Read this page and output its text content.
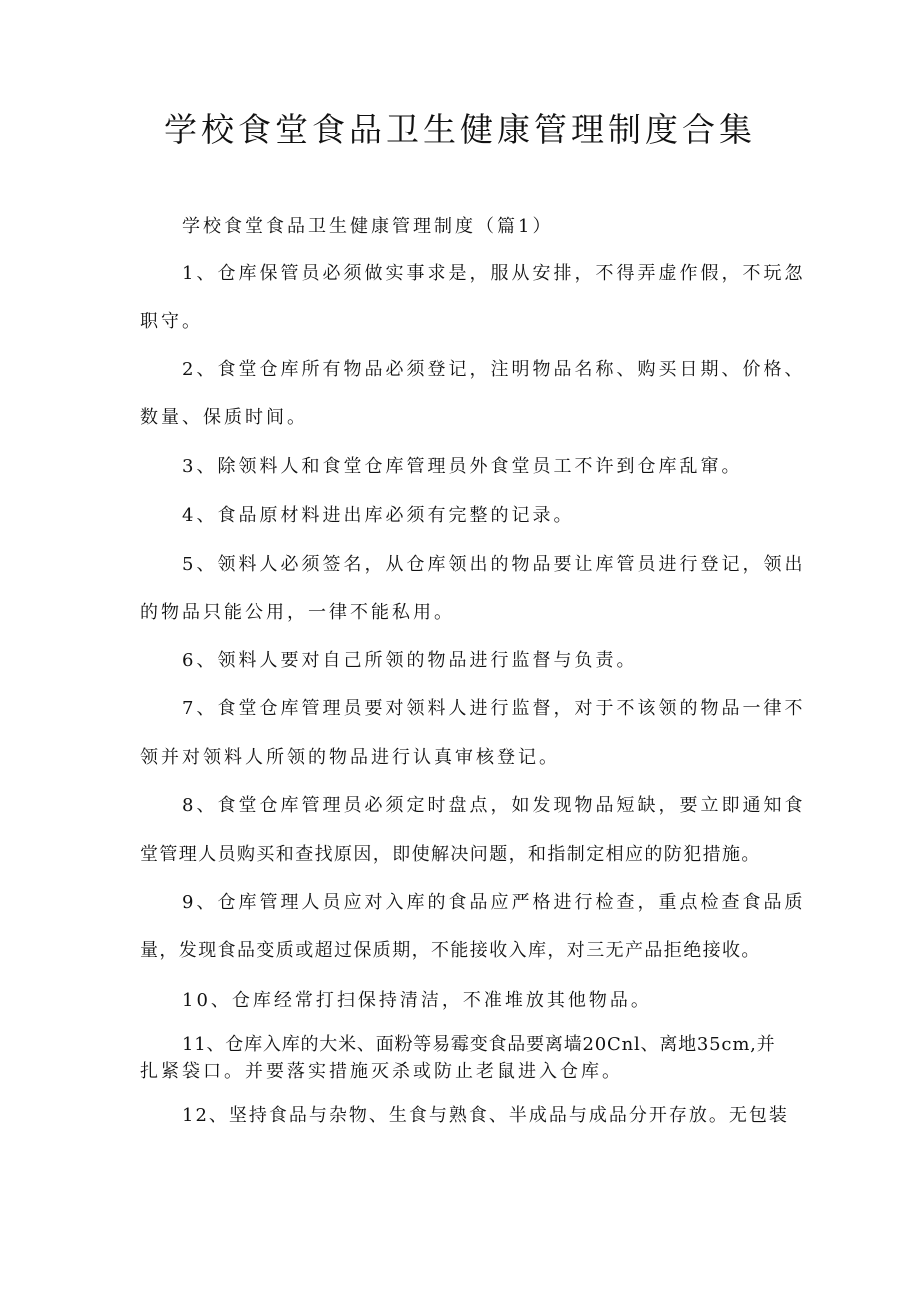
学校食堂食品卫生健康管理制度合集

学校食堂食品卫生健康管理制度（篇1）

1、仓库保管员必须做实事求是，服从安排，不得弄虚作假，不玩忽

职守。

2、食堂仓库所有物品必须登记，注明物品名称、购买日期、价格、

数量、保质时间。

3、除领料人和食堂仓库管理员外食堂员工不许到仓库乱窜。

4、食品原材料进出库必须有完整的记录。

5、领料人必须签名，从仓库领出的物品要让库管员进行登记，领出

的物品只能公用，一律不能私用。

6、领料人要对自己所领的物品进行监督与负责。

7、食堂仓库管理员要对领料人进行监督，对于不该领的物品一律不

领并对领料人所领的物品进行认真审核登记。

8、食堂仓库管理员必须定时盘点，如发现物品短缺，要立即通知食

堂管理人员购买和查找原因，即使解决问题，和指制定相应的防犯措施。

9、仓库管理人员应对入库的食品应严格进行检查，重点检查食品质

量，发现食品变质或超过保质期，不能接收入库，对三无产品拒绝接收。

10、仓库经常打扫保持清洁，不准堆放其他物品。

11、仓库入库的大米、面粉等易霉变食品要离墙20Cnl、离地35cm,并

扎紧袋口。并要落实措施灭杀或防止老鼠进入仓库。

12、坚持食品与杂物、生食与熟食、半成品与成品分开存放。无包装
